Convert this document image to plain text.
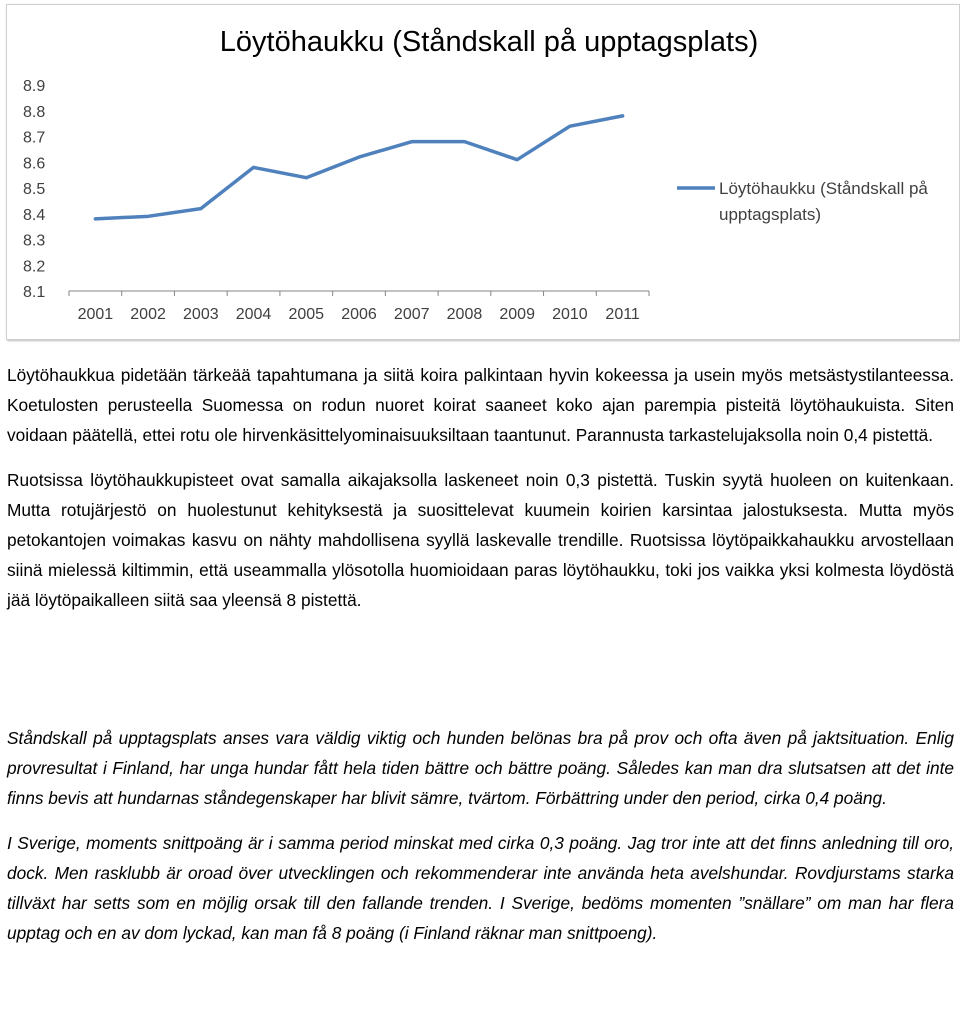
Löytöhaukku (Ståndskall på upptagsplats)
8.9
8.8
8.7
8.6
8.5
8.4
8.3
8.2
8.1
2001 2002 2003 2004 2005 2006 2007 2008 2009 2010 2011
Löytöhaukku (Ståndskall på
upptagsplats)

Löytöhaukkua pidetään tärkeää tapahtumana ja siitä koira palkintaan hyvin kokeessa ja usein myös metsästystilanteessa. Koetulosten perusteella Suomessa on rodun nuoret koirat saaneet koko ajan parempia pisteitä löytöhaukuista. Siten voidaan päätellä, ettei rotu ole hirvenkäsittelyominaisuuksiltaan taantunut. Parannusta tarkastelujaksolla noin 0,4 pistettä.

Ruotsissa löytöhaukkupisteet ovat samalla aikajaksolla laskeneet noin 0,3 pistettä. Tuskin syytä huoleen on kuitenkaan. Mutta rotujärjestö on huolestunut kehityksestä ja suosittelevat kuumein koirien karsintaa jalostuksesta. Mutta myös petokantojen voimakas kasvu on nähty mahdollisena syyllä laskevalle trendille. Ruotsissa löytöpaikkahaukku arvostellaan siinä mielessä kiltimmin, että useammalla ylösotolla huomioidaan paras löytöhaukku, toki jos vaikka yksi kolmesta löydöstä jää löytöpaikalleen siitä saa yleensä 8 pistettä.

Ståndskall på upptagsplats anses vara väldig viktig och hunden belönas bra på prov och ofta även på jaktsituation. Enlig provresultat i Finland, har unga hundar fått hela tiden bättre och bättre poäng. Således kan man dra slutsatsen att det inte finns bevis att hundarnas ståndegenskaper har blivit sämre, tvärtom. Förbättring under den period, cirka 0,4 poäng.

I Sverige, moments snittpoäng är i samma period minskat med cirka 0,3 poäng. Jag tror inte att det finns anledning till oro, dock. Men rasklubb är oroad över utvecklingen och rekommenderar inte använda heta avelshundar. Rovdjurstams starka tillväxt har setts som en möjlig orsak till den fallande trenden. I Sverige, bedöms momenten ”snällare” om man har flera upptag och en av dom lyckad, kan man få 8 poäng (i Finland räknar man snittpoeng).
